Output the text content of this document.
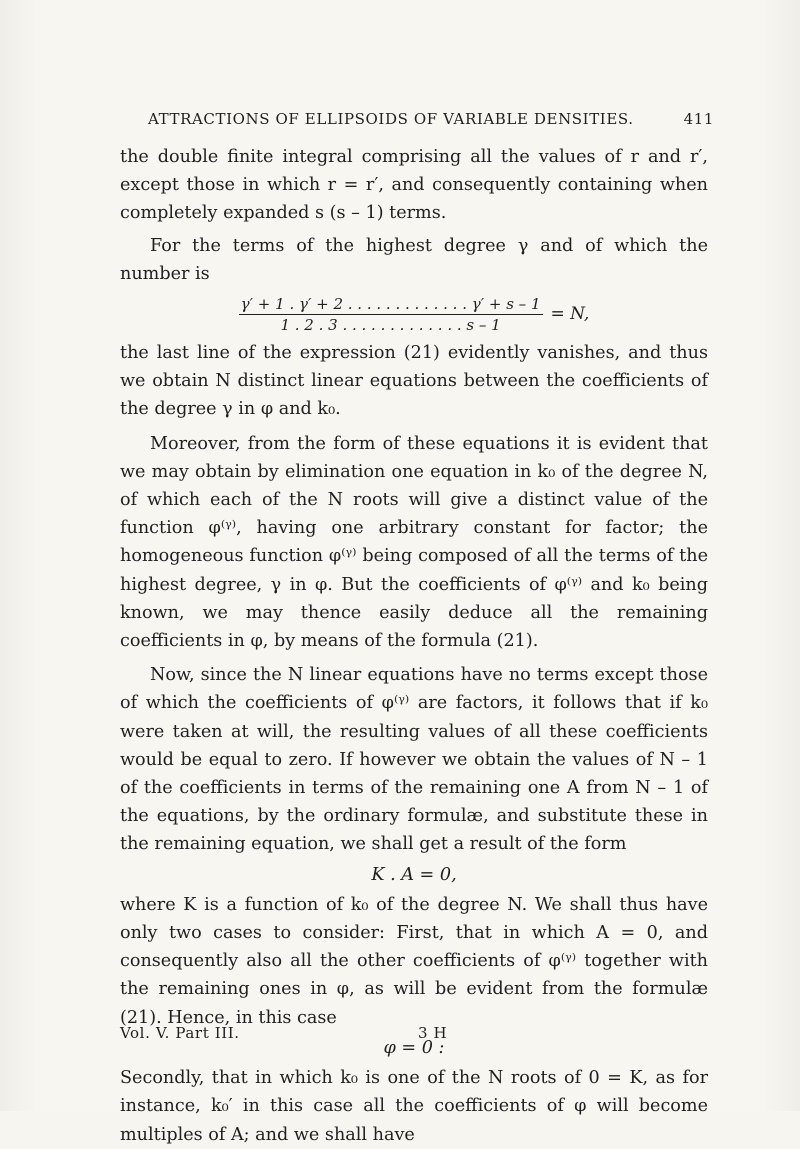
ATTRACTIONS OF ELLIPSOIDS OF VARIABLE DENSITIES.	411

the double finite integral comprising all the values of r and r′, except those in which r = r′, and consequently containing when completely expanded s (s – 1) terms.

For the terms of the highest degree γ and of which the number is

$\frac{\gamma' + 1 . \gamma' + 2 . . . . . . . . . . . . . \gamma' + s - 1}{1 . 2 . 3 . . . . . . . . . . . . . s - 1} = N$,

the last line of the expression (21) evidently vanishes, and thus we obtain N distinct linear equations between the coefficients of the degree γ in φ and k₀.

Moreover, from the form of these equations it is evident that we may obtain by elimination one equation in k₀ of the degree N, of which each of the N roots will give a distinct value of the function φ⁽ᵞ⁾, having one arbitrary constant for factor; the homogeneous function φ⁽ᵞ⁾ being composed of all the terms of the highest degree, γ in φ. But the coefficients of φ⁽ᵞ⁾ and k₀ being known, we may thence easily deduce all the remaining coefficients in φ, by means of the formula (21).

Now, since the N linear equations have no terms except those of which the coefficients of φ⁽ᵞ⁾ are factors, it follows that if k₀ were taken at will, the resulting values of all these coefficients would be equal to zero. If however we obtain the values of N – 1 of the coefficients in terms of the remaining one A from N – 1 of the equations, by the ordinary formulæ, and substitute these in the remaining equation, we shall get a result of the form

K . A = 0,

where K is a function of k₀ of the degree N. We shall thus have only two cases to consider: First, that in which A = 0, and consequently also all the other coefficients of φ⁽ᵞ⁾ together with the remaining ones in φ, as will be evident from the formulæ (21). Hence, in this case

φ = 0 :

Secondly, that in which k₀ is one of the N roots of 0 = K, as for instance, k₀′ in this case all the coefficients of φ will become multiples of A; and we shall have

Vol. V. Part III.	3 H
